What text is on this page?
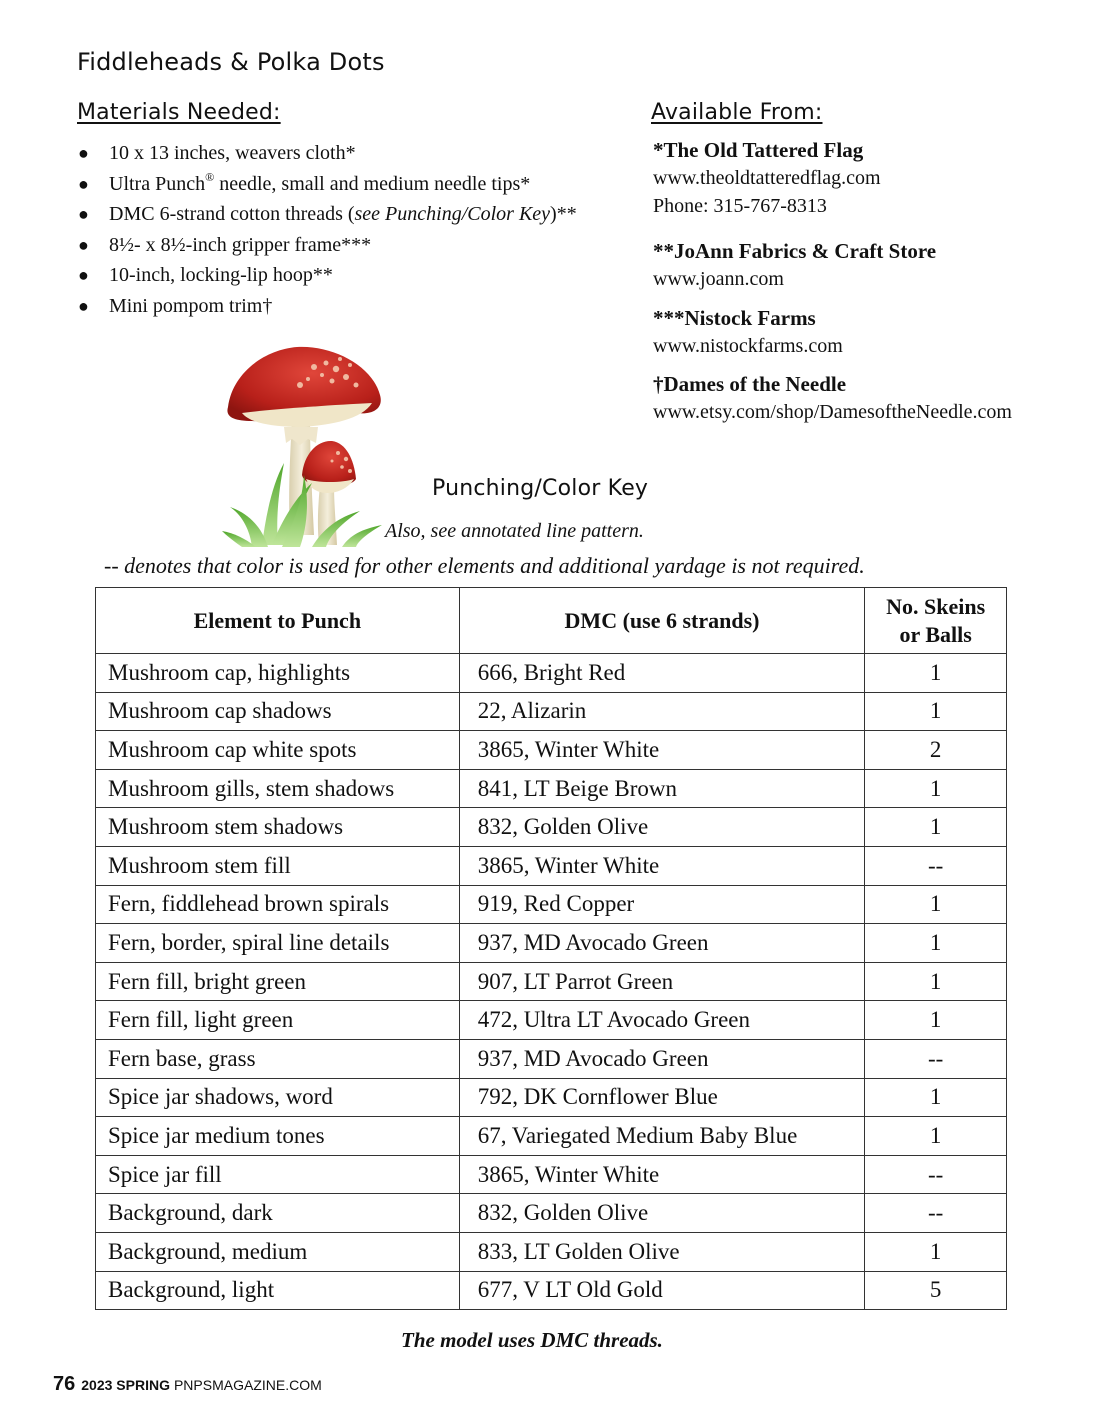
Fiddleheads & Polka Dots
Materials Needed:
● 10 x 13 inches, weavers cloth*
● Ultra Punch® needle, small and medium needle tips*
● DMC 6-strand cotton threads (see Punching/Color Key)**
● 8½- x 8½-inch gripper frame***
● 10-inch, locking-lip hoop**
● Mini pompom trim†
Available From:
*The Old Tattered Flag
www.theoldtatteredflag.com
Phone: 315-767-8313
**JoAnn Fabrics & Craft Store
www.joann.com
***Nistock Farms
www.nistockfarms.com
†Dames of the Needle
www.etsy.com/shop/DamesoftheNeedle.com
Punching/Color Key
Also, see annotated line pattern.
-- denotes that color is used for other elements and additional yardage is not required.
Element to Punch	DMC (use 6 strands)	No. Skeins
or Balls
Mushroom cap, highlights	666, Bright Red	1
Mushroom cap shadows	22, Alizarin	1
Mushroom cap white spots	3865, Winter White	2
Mushroom gills, stem shadows	841, LT Beige Brown	1
Mushroom stem shadows	832, Golden Olive	1
Mushroom stem fill	3865, Winter White	--
Fern, fiddlehead brown spirals	919, Red Copper	1
Fern, border, spiral line details	937, MD Avocado Green	1
Fern fill, bright green	907, LT Parrot Green	1
Fern fill, light green	472, Ultra LT Avocado Green	1
Fern base, grass	937, MD Avocado Green	--
Spice jar shadows, word	792, DK Cornflower Blue	1
Spice jar medium tones	67, Variegated Medium Baby Blue	1
Spice jar fill	3865, Winter White	--
Background, dark	832, Golden Olive	--
Background, medium	833, LT Golden Olive	1
Background, light	677, V LT Old Gold	5
The model uses DMC threads.
76 2023 SPRING PNPSMAGAZINE.COM
